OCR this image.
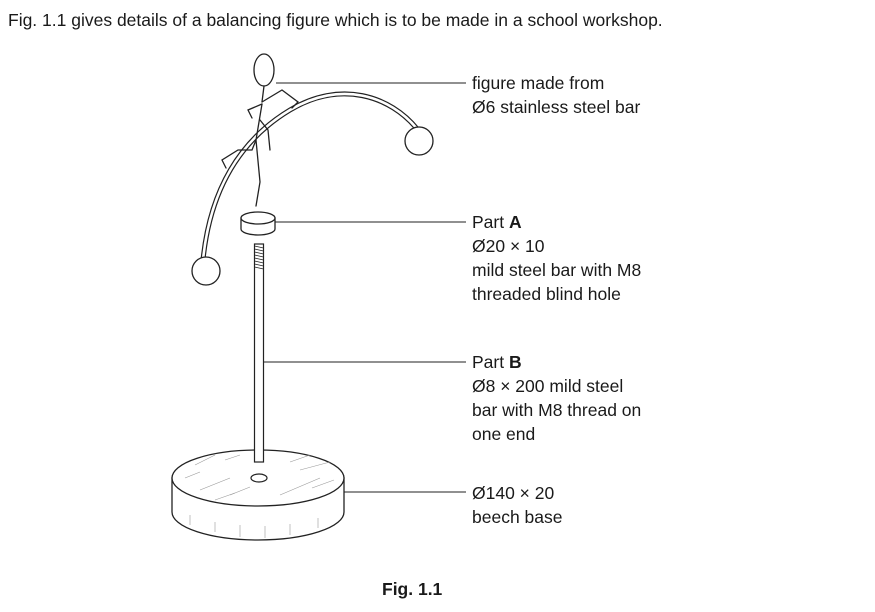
Fig. 1.1 gives details of a balancing figure which is to be made in a school workshop.

figure made from
Ø6 stainless steel bar
Part A
Ø20 × 10
mild steel bar with M8
threaded blind hole
Part B
Ø8 × 200 mild steel
bar with M8 thread on
one end
Ø140 × 20
beech base
Fig. 1.1
